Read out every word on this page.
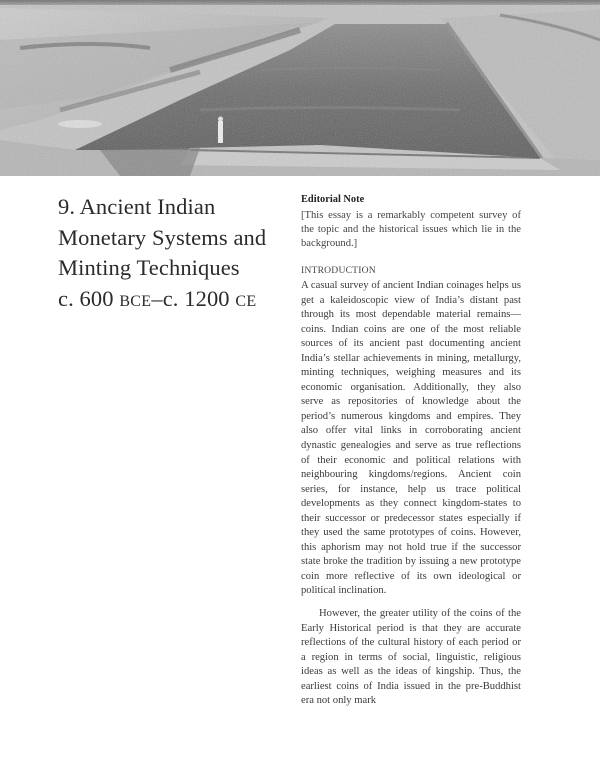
9. Ancient Indian
Monetary Systems and
Minting Techniques
c. 600 BCE–c. 1200 CE
Editorial Note

[This essay is a remarkably competent survey of the topic and the historical issues which lie in the background.]

INTRODUCTION

A casual survey of ancient Indian coinages helps us get a kaleidoscopic view of India’s distant past through its most dependable material remains—coins. Indian coins are one of the most reliable sources of its ancient past documenting ancient India’s stellar achievements in mining, metallurgy, minting techniques, weighing measures and its economic organisation. Additionally, they also serve as repositories of knowledge about the period’s numerous kingdoms and empires. They also offer vital links in corroborating ancient dynastic genealogies and serve as true reflections of their economic and political relations with neighbouring kingdoms/regions. Ancient coin series, for instance, help us trace political developments as they connect kingdom-states to their successor or predecessor states especially if they used the same prototypes of coins. However, this aphorism may not hold true if the successor state broke the tradition by issuing a new prototype coin more reflective of its own ideological or political inclination.

However, the greater utility of the coins of the Early Historical period is that they are accurate reflections of the cultural history of each period or a region in terms of social, linguistic, religious ideas as well as the ideas of kingship. Thus, the earliest coins of India issued in the pre-Buddhist era not only mark
